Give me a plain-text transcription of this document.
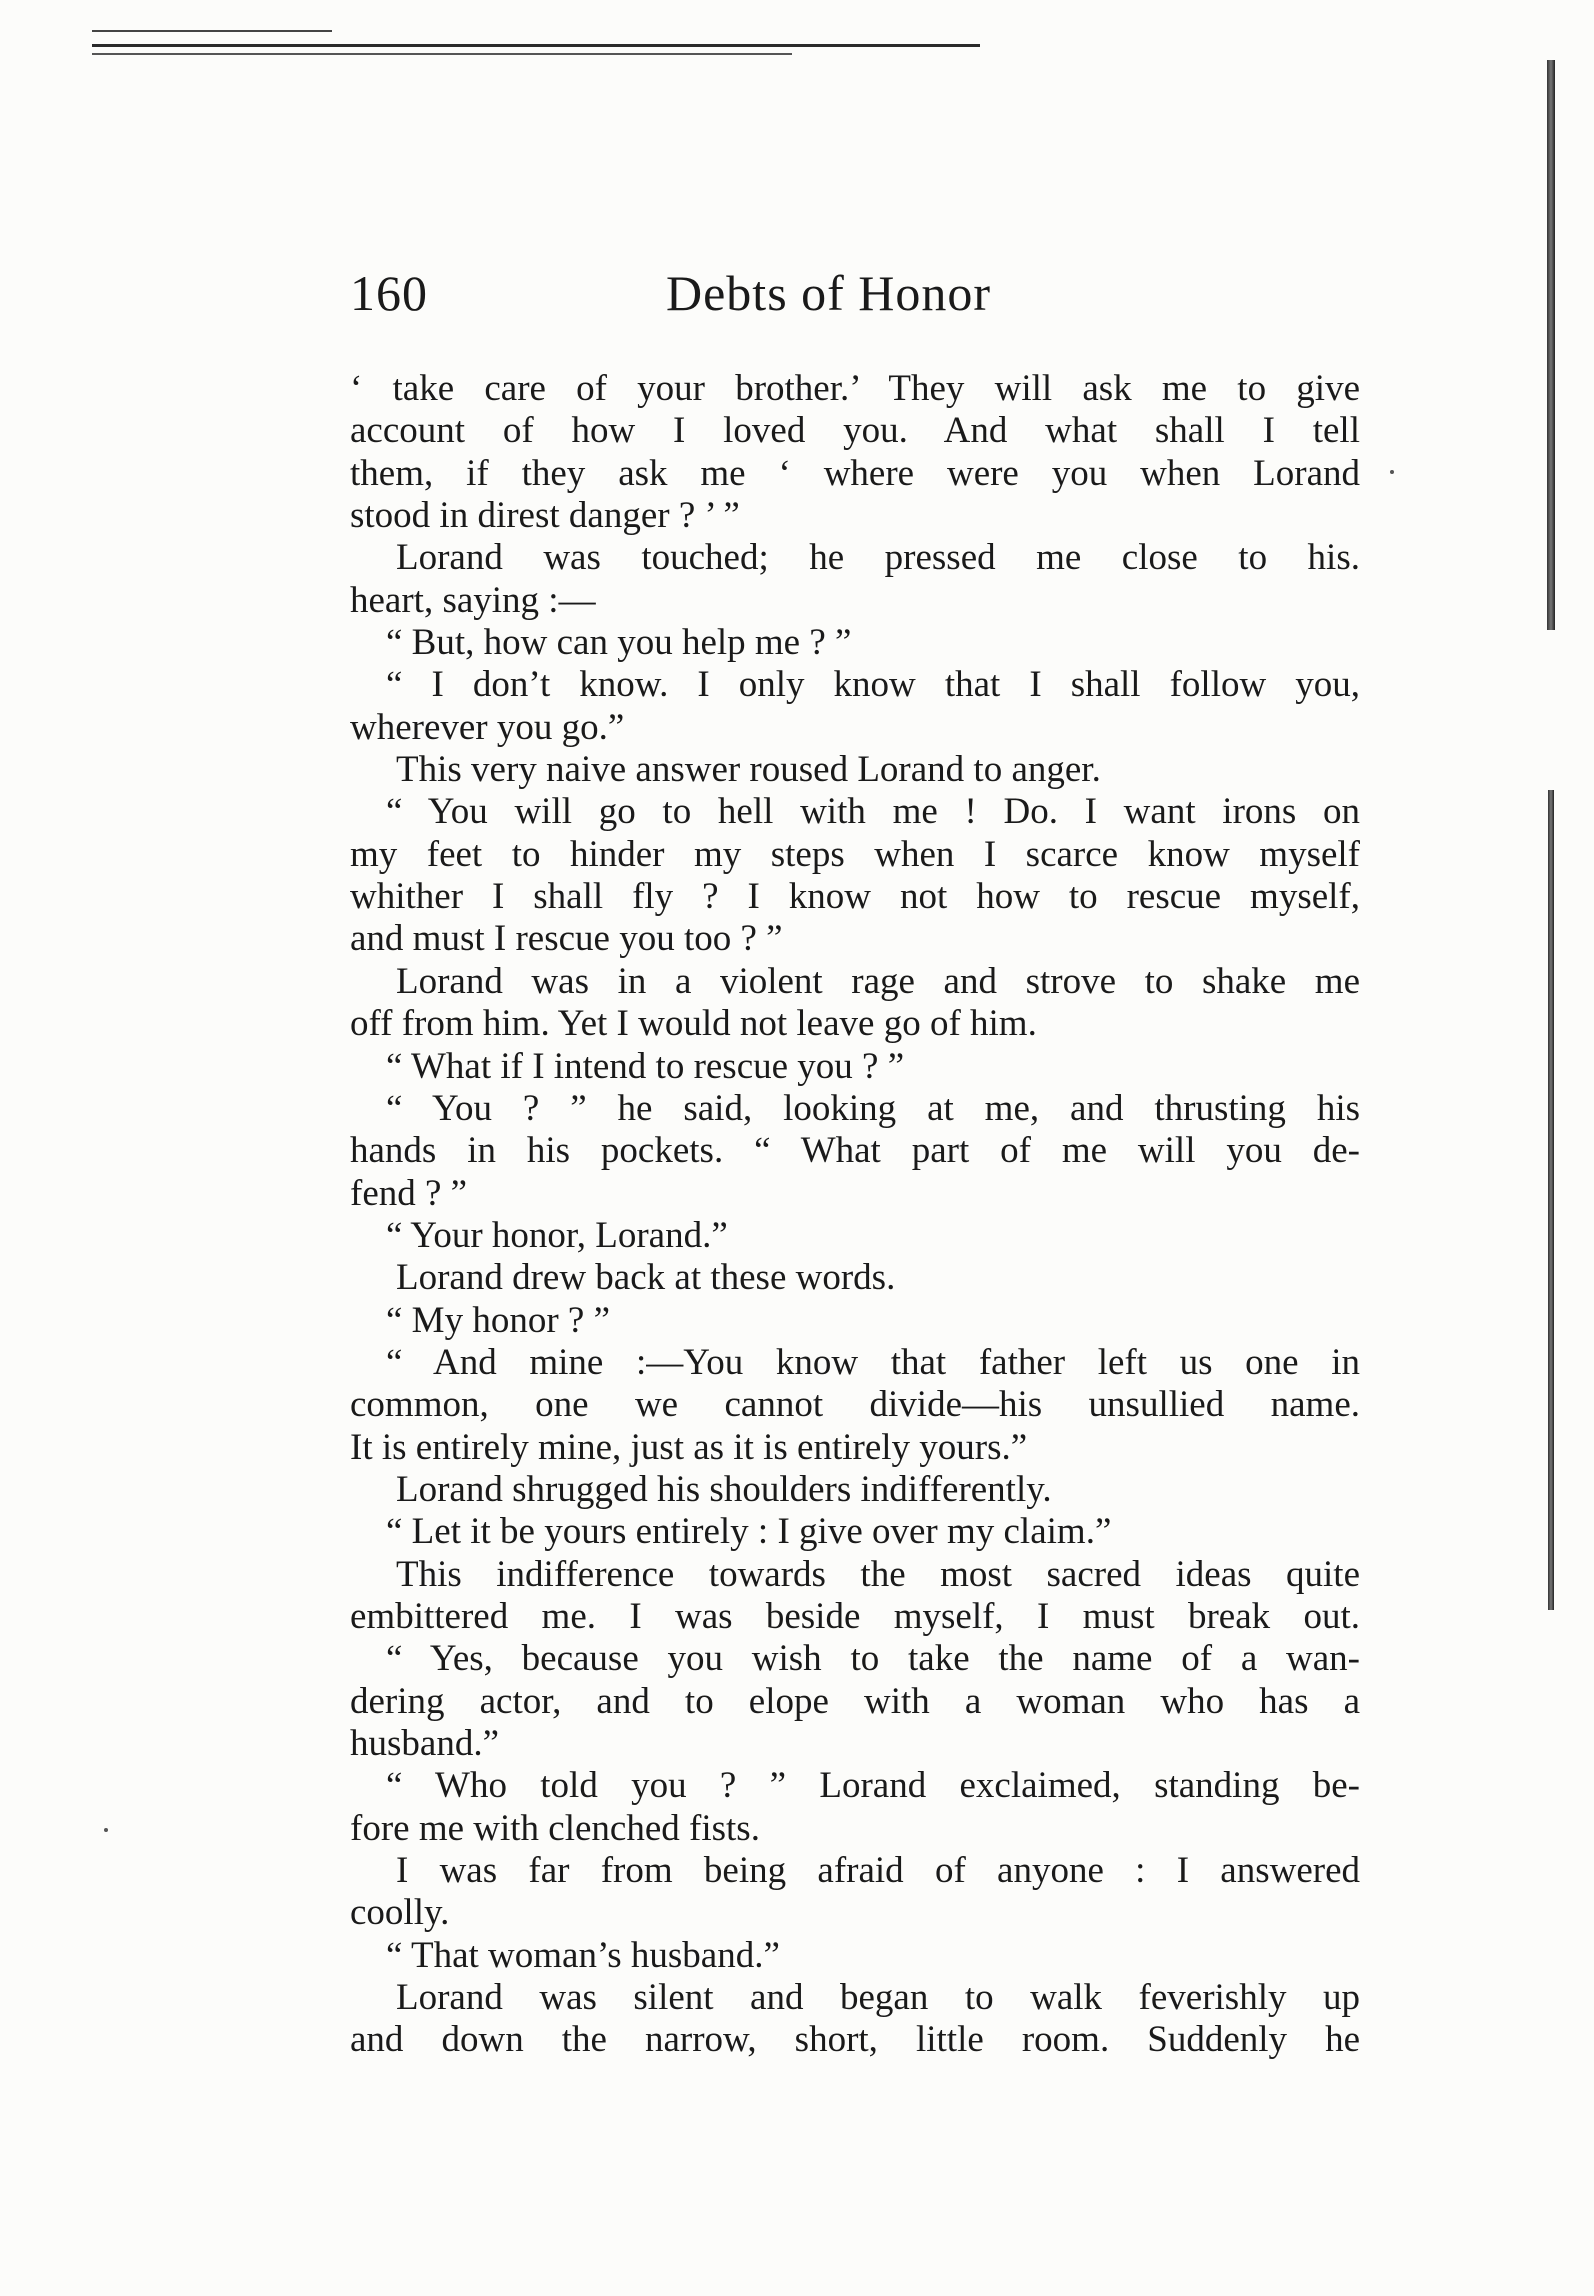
160	Debts of Honor
‘ take care of your brother.’ They will ask me to give
account of how I loved you. And what shall I tell
them, if they ask me ‘ where were you when Lorand
stood in direst danger ? ’ ”
Lorand was touched; he pressed me close to his.
heart, saying :—
“ But, how can you help me ? ”
“ I don’t know. I only know that I shall follow you,
wherever you go.”
This very naive answer roused Lorand to anger.
“ You will go to hell with me ! Do. I want irons on
my feet to hinder my steps when I scarce know myself
whither I shall fly ? I know not how to rescue myself,
and must I rescue you too ? ”
Lorand was in a violent rage and strove to shake me
off from him. Yet I would not leave go of him.
“ What if I intend to rescue you ? ”
“ You ? ” he said, looking at me, and thrusting his
hands in his pockets. “ What part of me will you de-
fend ? ”
“ Your honor, Lorand.”
Lorand drew back at these words.
“ My honor ? ”
“ And mine :—You know that father left us one in
common, one we cannot divide—his unsullied name.
It is entirely mine, just as it is entirely yours.”
Lorand shrugged his shoulders indifferently.
“ Let it be yours entirely : I give over my claim.”
This indifference towards the most sacred ideas quite
embittered me. I was beside myself, I must break out.
“ Yes, because you wish to take the name of a wan-
dering actor, and to elope with a woman who has a
husband.”
“ Who told you ? ” Lorand exclaimed, standing be-
fore me with clenched fists.
I was far from being afraid of anyone : I answered
coolly.
“ That woman’s husband.”
Lorand was silent and began to walk feverishly up
and down the narrow, short, little room. Suddenly he
